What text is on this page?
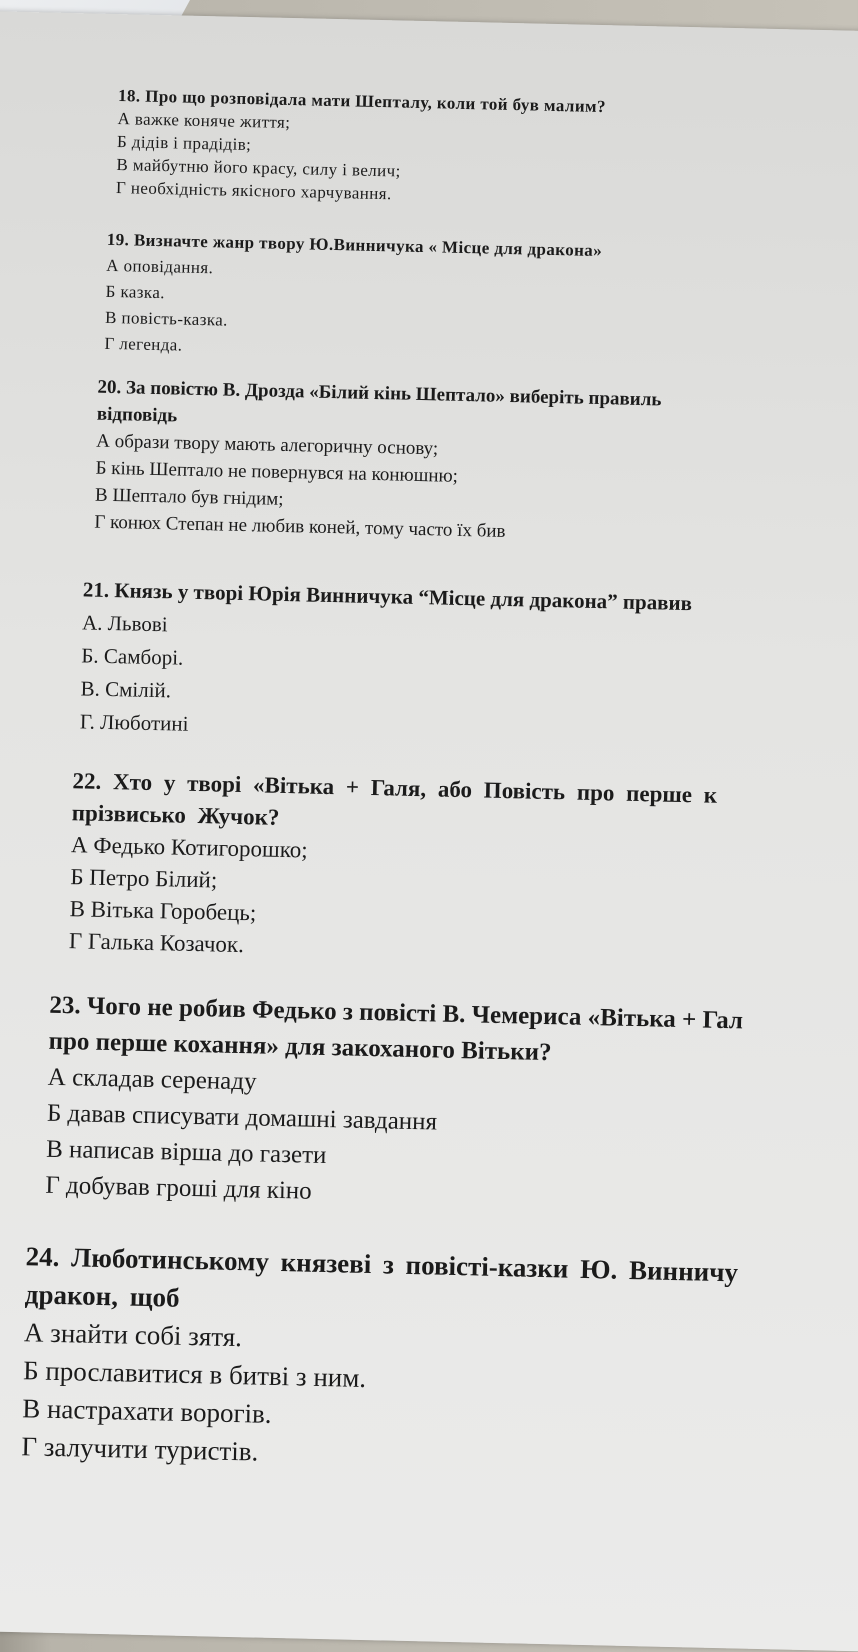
18. Про що розповідала мати Шепталу, коли той був малим?
А важке коняче життя;
Б дідів і прадідів;
В майбутню його красу, силу і велич;
Г необхідність якісного харчування.
19. Визначте жанр твору Ю.Винничука « Місце для дракона»
А оповідання.
Б казка.
В повість-казка.
Г легенда.
20. За повістю В. Дрозда «Білий кінь Шептало» виберіть правиль
відповідь
А образи твору мають алегоричну основу;
Б кінь Шептало не повернувся на конюшню;
В Шептало був гнідим;
Г конюх Степан не любив коней, тому часто їх бив
21. Князь у творі Юрія Винничука “Місце для дракона” правив
А. Львові
Б. Самборі.
В. Смілій.
Г. Люботині
22. Хто у творі «Вітька + Галя, або Повість про перше к
прізвисько Жучок?
А Федько Котигорошко;
Б Петро Білий;
В Вітька Горобець;
Г Галька Козачок.
23. Чого не робив Федько з повісті В. Чемериса «Вітька + Гал
про перше кохання» для закоханого Вітьки?
А складав серенаду
Б давав списувати домашні завдання
В написав вірша до газети
Г добував гроші для кіно
24. Люботинському князеві з повісті-казки Ю. Винничу
дракон, щоб
А знайти собі зятя.
Б прославитися в битві з ним.
В настрахати ворогів.
Г залучити туристів.
